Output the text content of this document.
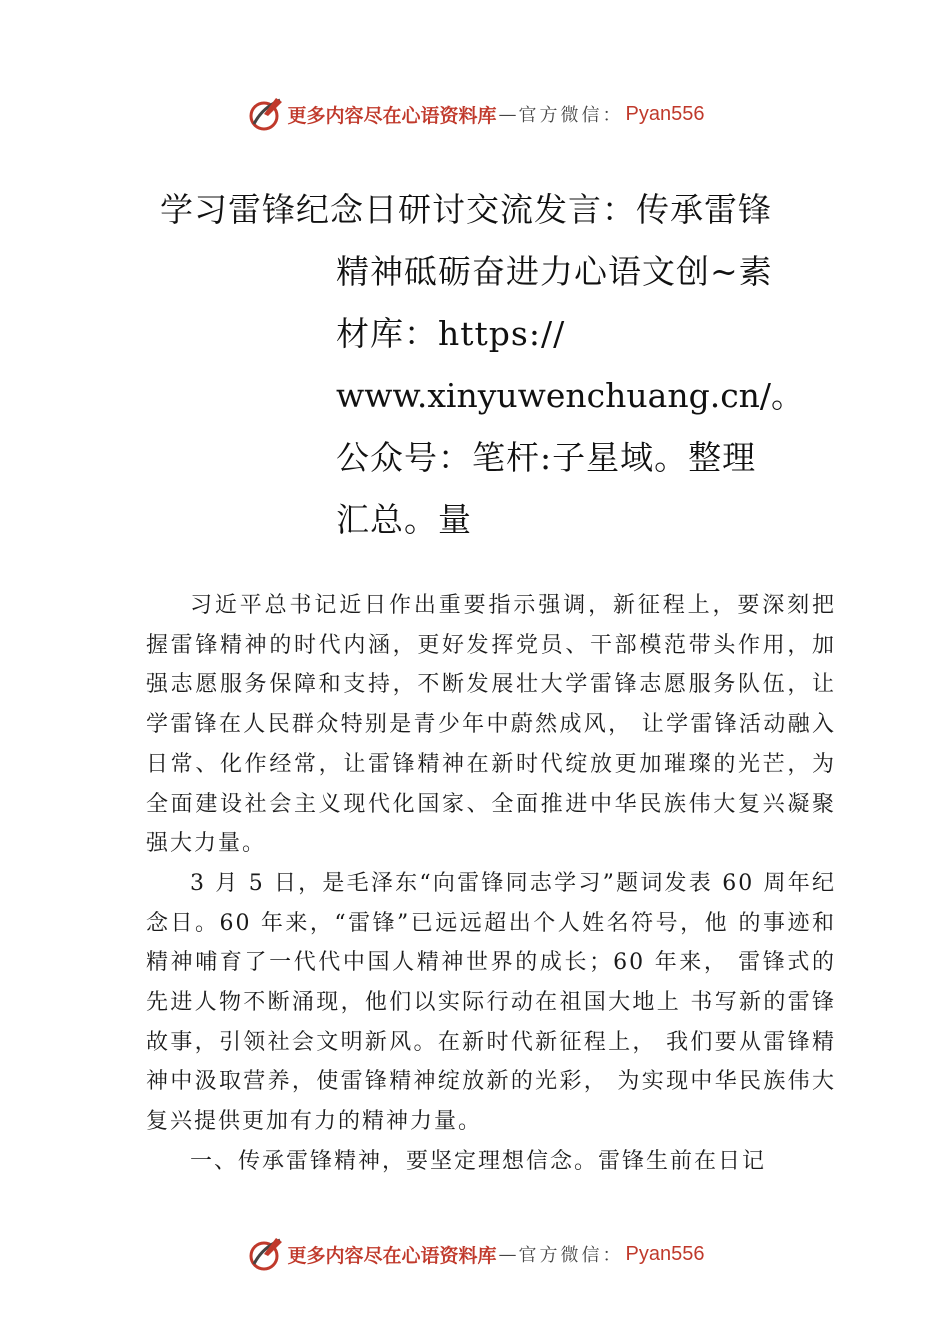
更多内容尽在心语资料库 — 官方微信： Pyan556
学习雷锋纪念日研讨交流发言：传承雷锋
精神砥砺奋进力心语文创~素
材库：https://
www.xinyuwenchuang.cn/。
公众号：笔杆:子星域。整理
汇总。量

习近平总书记近日作出重要指示强调，新征程上，要深刻把握雷锋精神的时代内涵，更好发挥党员、干部模范带头作用，加强志愿服务保障和支持，不断发展壮大学雷锋志愿服务队伍，让学雷锋在人民群众特别是青少年中蔚然成风， 让学雷锋活动融入日常、化作经常，让雷锋精神在新时代绽放更加璀璨的光芒，为全面建设社会主义现代化国家、全面推进中华民族伟大复兴凝聚强大力量。

3 月 5 日，是毛泽东“向雷锋同志学习”题词发表 60 周年纪念日。60 年来，“雷锋”已远远超出个人姓名符号，他 的事迹和精神哺育了一代代中国人精神世界的成长；60 年来， 雷锋式的先进人物不断涌现，他们以实际行动在祖国大地上 书写新的雷锋故事，引领社会文明新风。在新时代新征程上， 我们要从雷锋精神中汲取营养，使雷锋精神绽放新的光彩， 为实现中华民族伟大复兴提供更加有力的精神力量。

一、传承雷锋精神，要坚定理想信念。雷锋生前在日记

更多内容尽在心语资料库 — 官方微信： Pyan556
